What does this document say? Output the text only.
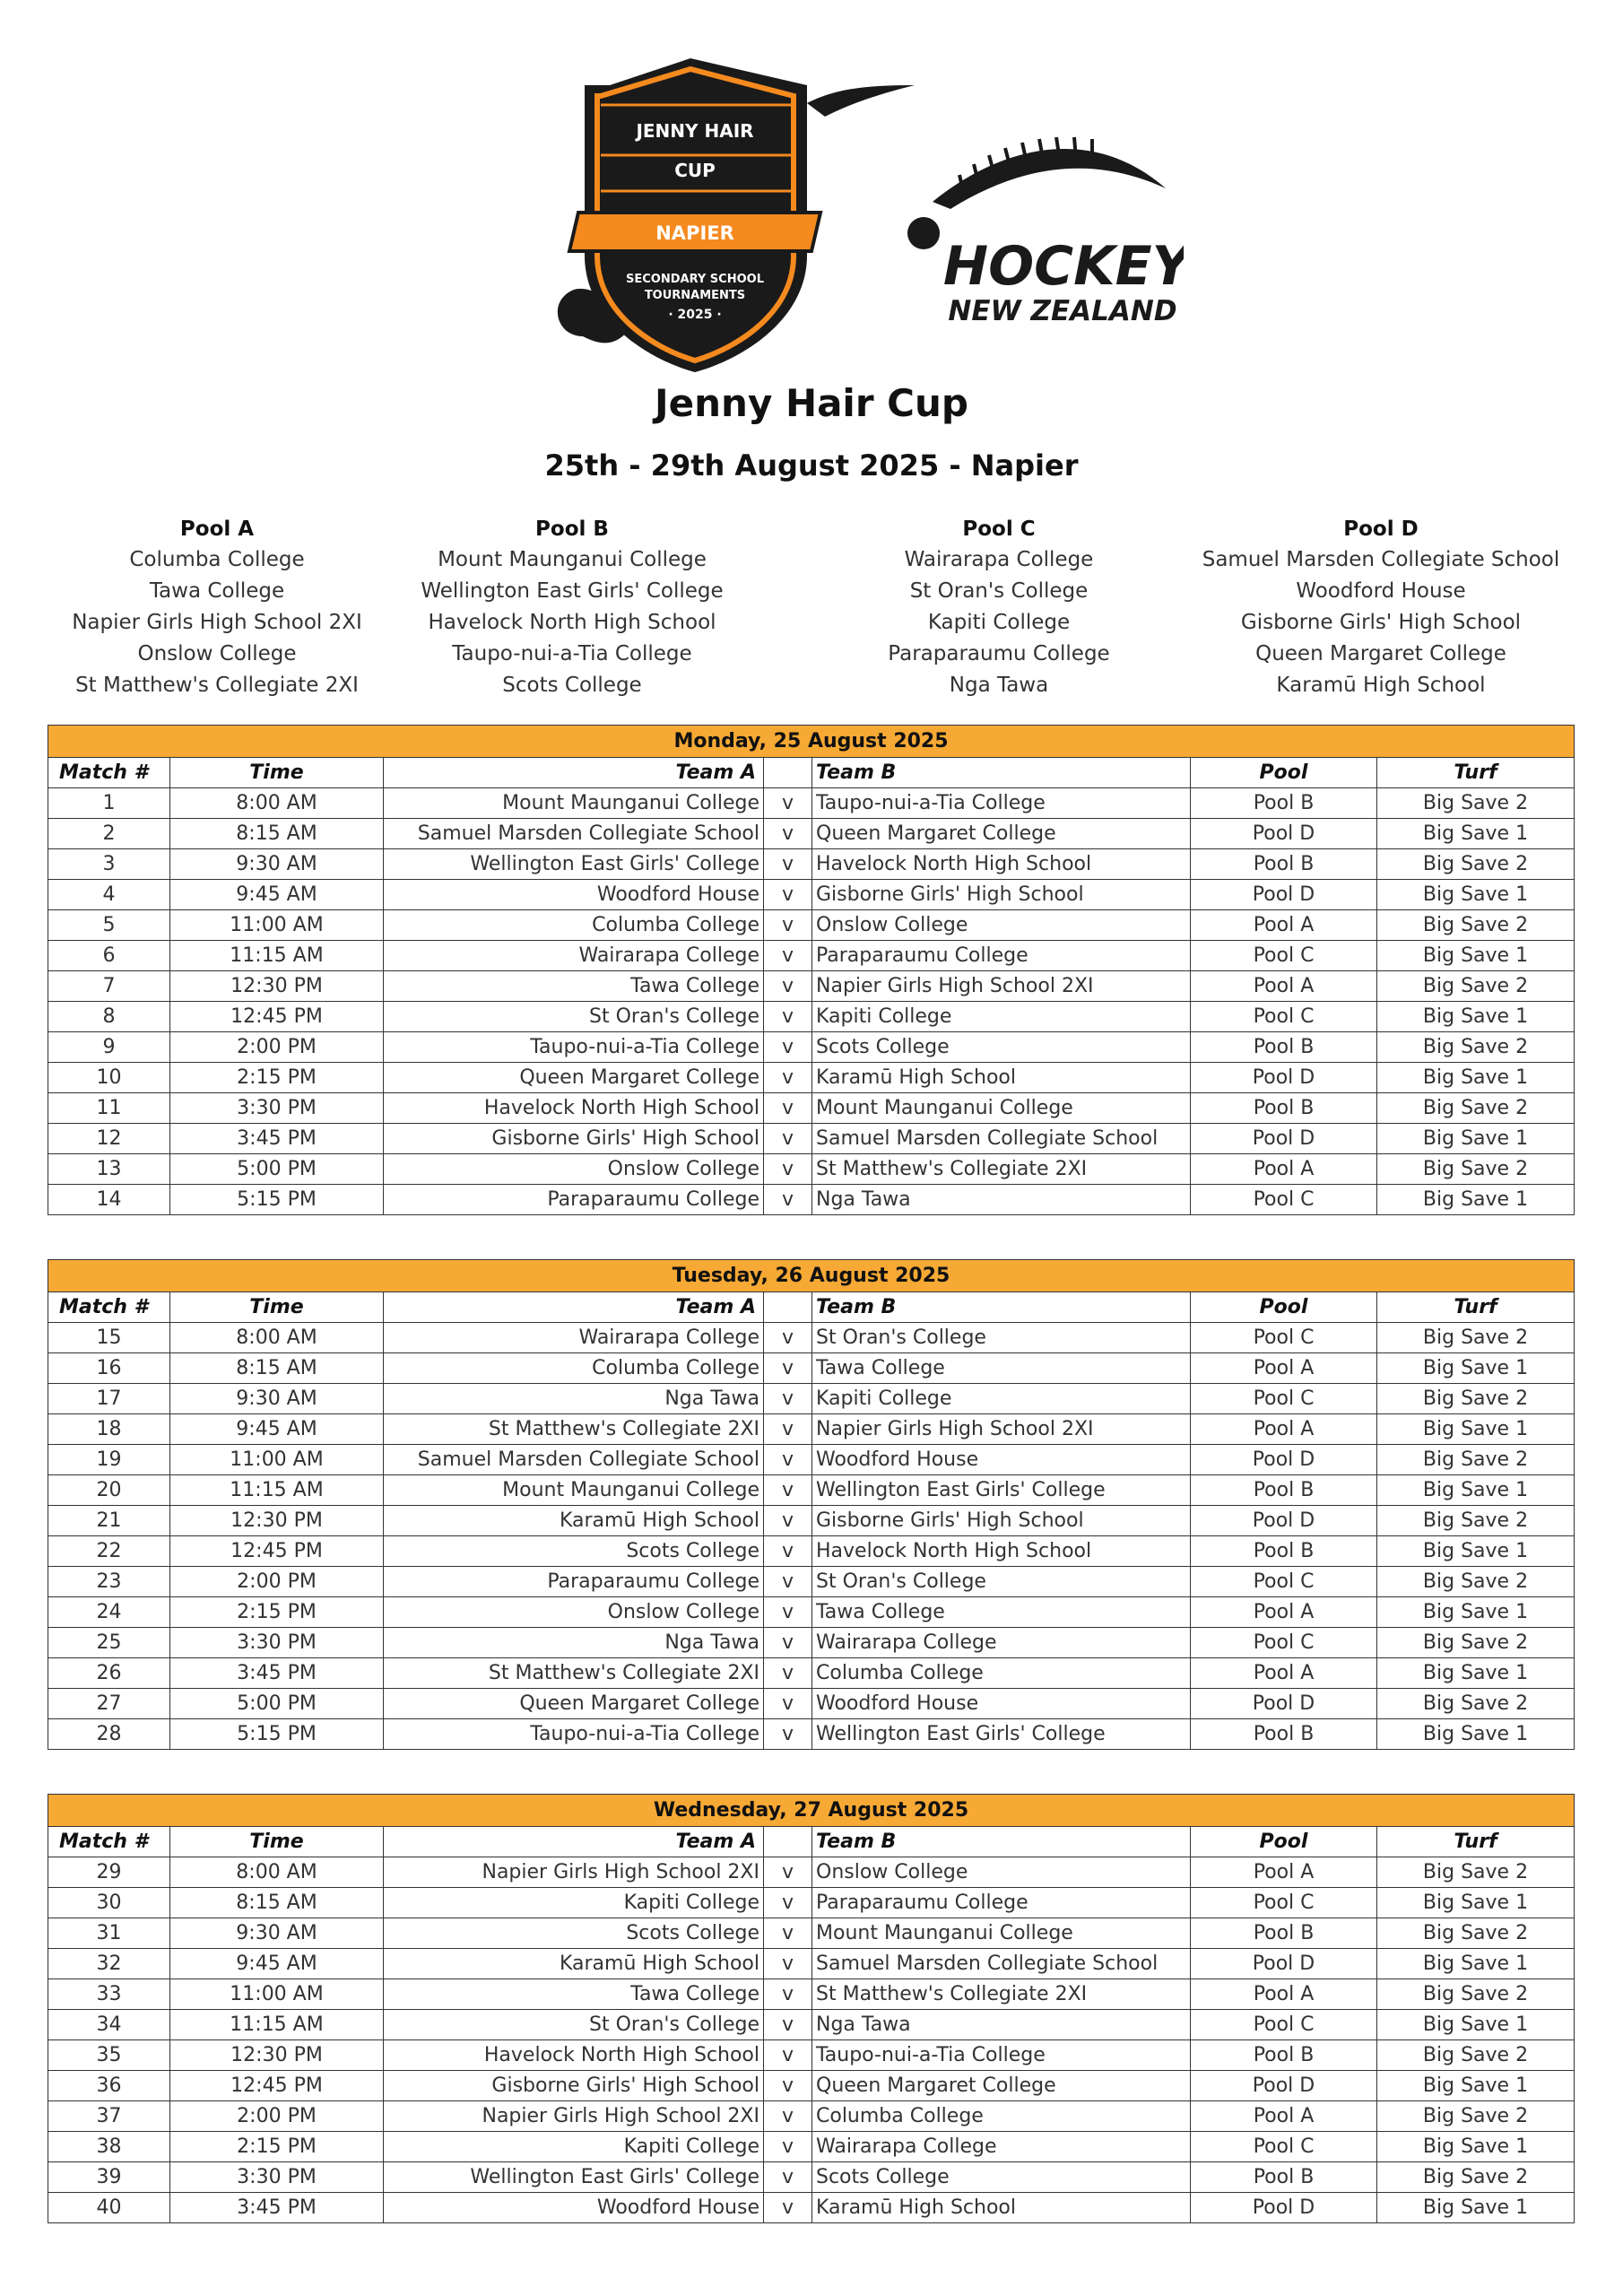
JENNY HAIR
CUP
NAPIER
SECONDARY SCHOOL
TOURNAMENTS
· 2025 ·
HOCKEY
NEW ZEALAND
Jenny Hair Cup
25th - 29th August 2025 - Napier
Pool A
Columba College
Tawa College
Napier Girls High School 2XI
Onslow College
St Matthew's Collegiate 2XI
Pool B
Mount Maunganui College
Wellington East Girls' College
Havelock North High School
Taupo-nui-a-Tia College
Scots College
Pool C
Wairarapa College
St Oran's College
Kapiti College
Paraparaumu College
Nga Tawa
Pool D
Samuel Marsden Collegiate School
Woodford House
Gisborne Girls' High School
Queen Margaret College
Karamū High School
Monday, 25 August 2025						
Match #	Time	Team A		Team B	Pool	Turf
1	8:00 AM	Mount Maunganui College	v	Taupo-nui-a-Tia College	Pool B	Big Save 2
2	8:15 AM	Samuel Marsden Collegiate School	v	Queen Margaret College	Pool D	Big Save 1
3	9:30 AM	Wellington East Girls' College	v	Havelock North High School	Pool B	Big Save 2
4	9:45 AM	Woodford House	v	Gisborne Girls' High School	Pool D	Big Save 1
5	11:00 AM	Columba College	v	Onslow College	Pool A	Big Save 2
6	11:15 AM	Wairarapa College	v	Paraparaumu College	Pool C	Big Save 1
7	12:30 PM	Tawa College	v	Napier Girls High School 2XI	Pool A	Big Save 2
8	12:45 PM	St Oran's College	v	Kapiti College	Pool C	Big Save 1
9	2:00 PM	Taupo-nui-a-Tia College	v	Scots College	Pool B	Big Save 2
10	2:15 PM	Queen Margaret College	v	Karamū High School	Pool D	Big Save 1
11	3:30 PM	Havelock North High School	v	Mount Maunganui College	Pool B	Big Save 2
12	3:45 PM	Gisborne Girls' High School	v	Samuel Marsden Collegiate School	Pool D	Big Save 1
13	5:00 PM	Onslow College	v	St Matthew's Collegiate 2XI	Pool A	Big Save 2
14	5:15 PM	Paraparaumu College	v	Nga Tawa	Pool C	Big Save 1
Tuesday, 26 August 2025						
Match #	Time	Team A		Team B	Pool	Turf
15	8:00 AM	Wairarapa College	v	St Oran's College	Pool C	Big Save 2
16	8:15 AM	Columba College	v	Tawa College	Pool A	Big Save 1
17	9:30 AM	Nga Tawa	v	Kapiti College	Pool C	Big Save 2
18	9:45 AM	St Matthew's Collegiate 2XI	v	Napier Girls High School 2XI	Pool A	Big Save 1
19	11:00 AM	Samuel Marsden Collegiate School	v	Woodford House	Pool D	Big Save 2
20	11:15 AM	Mount Maunganui College	v	Wellington East Girls' College	Pool B	Big Save 1
21	12:30 PM	Karamū High School	v	Gisborne Girls' High School	Pool D	Big Save 2
22	12:45 PM	Scots College	v	Havelock North High School	Pool B	Big Save 1
23	2:00 PM	Paraparaumu College	v	St Oran's College	Pool C	Big Save 2
24	2:15 PM	Onslow College	v	Tawa College	Pool A	Big Save 1
25	3:30 PM	Nga Tawa	v	Wairarapa College	Pool C	Big Save 2
26	3:45 PM	St Matthew's Collegiate 2XI	v	Columba College	Pool A	Big Save 1
27	5:00 PM	Queen Margaret College	v	Woodford House	Pool D	Big Save 2
28	5:15 PM	Taupo-nui-a-Tia College	v	Wellington East Girls' College	Pool B	Big Save 1
Wednesday, 27 August 2025						
Match #	Time	Team A		Team B	Pool	Turf
29	8:00 AM	Napier Girls High School 2XI	v	Onslow College	Pool A	Big Save 2
30	8:15 AM	Kapiti College	v	Paraparaumu College	Pool C	Big Save 1
31	9:30 AM	Scots College	v	Mount Maunganui College	Pool B	Big Save 2
32	9:45 AM	Karamū High School	v	Samuel Marsden Collegiate School	Pool D	Big Save 1
33	11:00 AM	Tawa College	v	St Matthew's Collegiate 2XI	Pool A	Big Save 2
34	11:15 AM	St Oran's College	v	Nga Tawa	Pool C	Big Save 1
35	12:30 PM	Havelock North High School	v	Taupo-nui-a-Tia College	Pool B	Big Save 2
36	12:45 PM	Gisborne Girls' High School	v	Queen Margaret College	Pool D	Big Save 1
37	2:00 PM	Napier Girls High School 2XI	v	Columba College	Pool A	Big Save 2
38	2:15 PM	Kapiti College	v	Wairarapa College	Pool C	Big Save 1
39	3:30 PM	Wellington East Girls' College	v	Scots College	Pool B	Big Save 2
40	3:45 PM	Woodford House	v	Karamū High School	Pool D	Big Save 1
